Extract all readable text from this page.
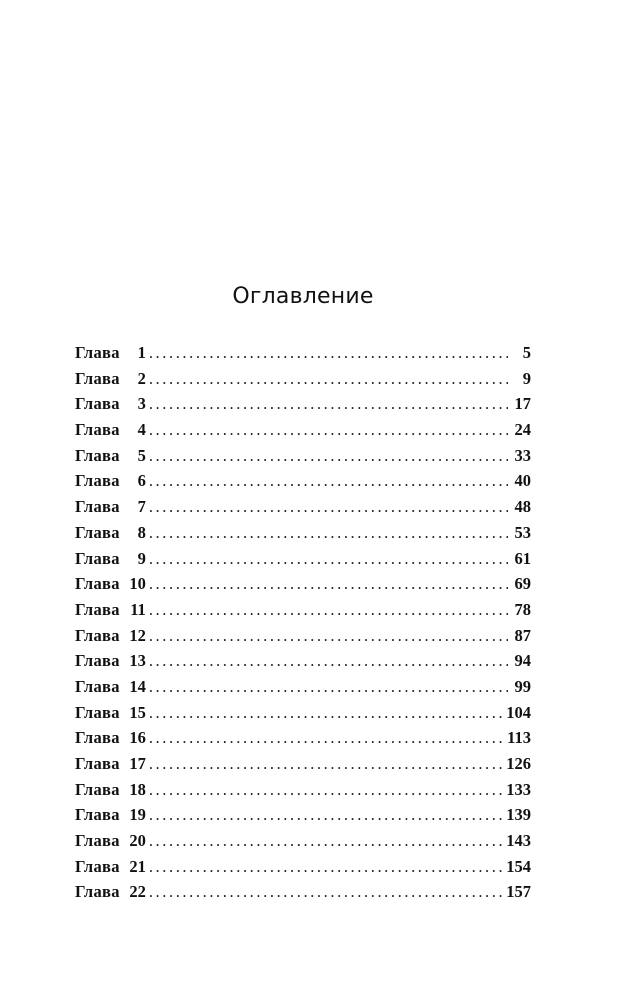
Оглавление
Глава	1 .....	5
Глава	2 .....	9
Глава	3 .....	17
Глава	4 .....	24
Глава	5 .....	33
Глава	6 .....	40
Глава	7 .....	48
Глава	8 .....	53
Глава	9 .....	61
Глава 10 .....	69
Глава 11 .....	78
Глава 12 .....	87
Глава 13 .....	94
Глава 14 .....	99
Глава 15 .....	104
Глава 16 .....	113
Глава 17 .....	126
Глава 18 .....	133
Глава 19 .....	139
Глава 20 .....	143
Глава 21 .....	154
Глава 22 .....	157
